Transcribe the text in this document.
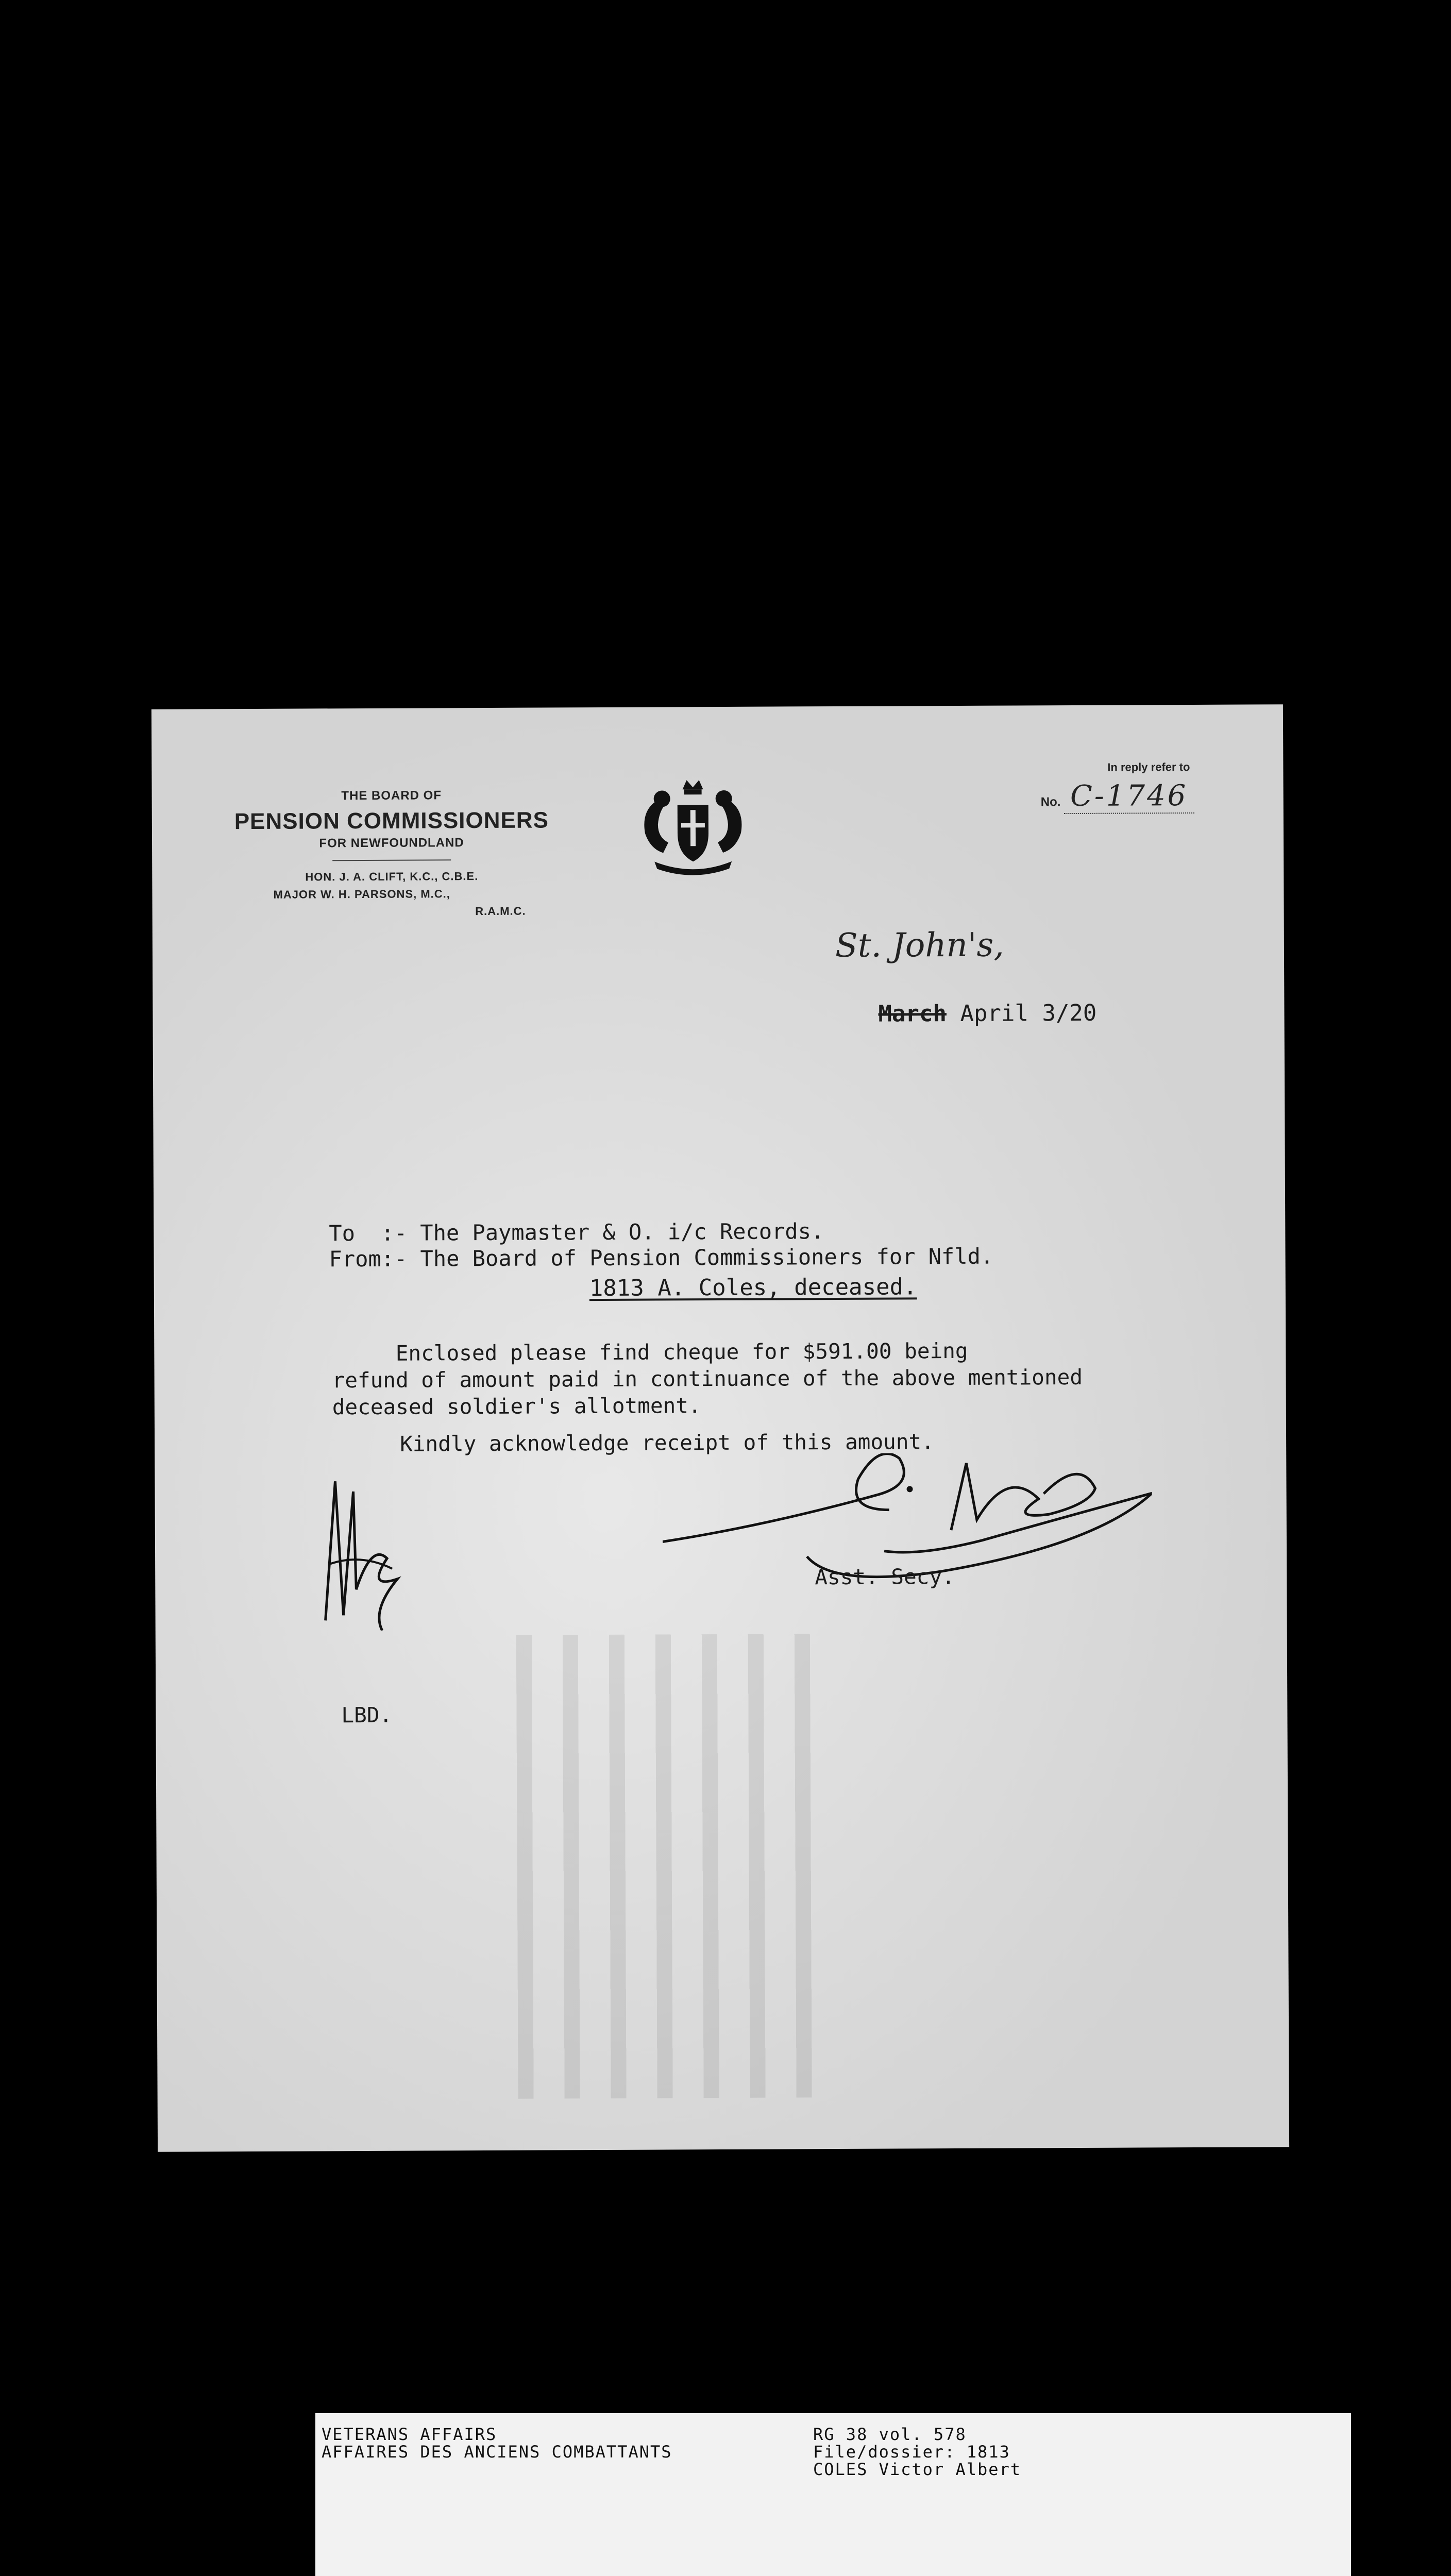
THE BOARD OF
PENSION COMMISSIONERS
FOR NEWFOUNDLAND
HON. J. A. CLIFT, K.C., C.B.E.
MAJOR W. H. PARSONS, M.C.,
R.A.M.C.
In reply refer to
No. C-1746
St. John's,
March April 3/20
To  :- The Paymaster & O. i/c Records.
From:- The Board of Pension Commissioners for Nfld.
1813 A. Coles, deceased.
Enclosed please find cheque for $591.00 being
refund of amount paid in continuance of the above mentioned
deceased soldier's allotment.
Kindly acknowledge receipt of this amount.
Asst. Secy.
LBD.
VETERANS AFFAIRS
AFFAIRES DES ANCIENS COMBATTANTS
RG 38 vol. 578
File/dossier: 1813
COLES Victor Albert
